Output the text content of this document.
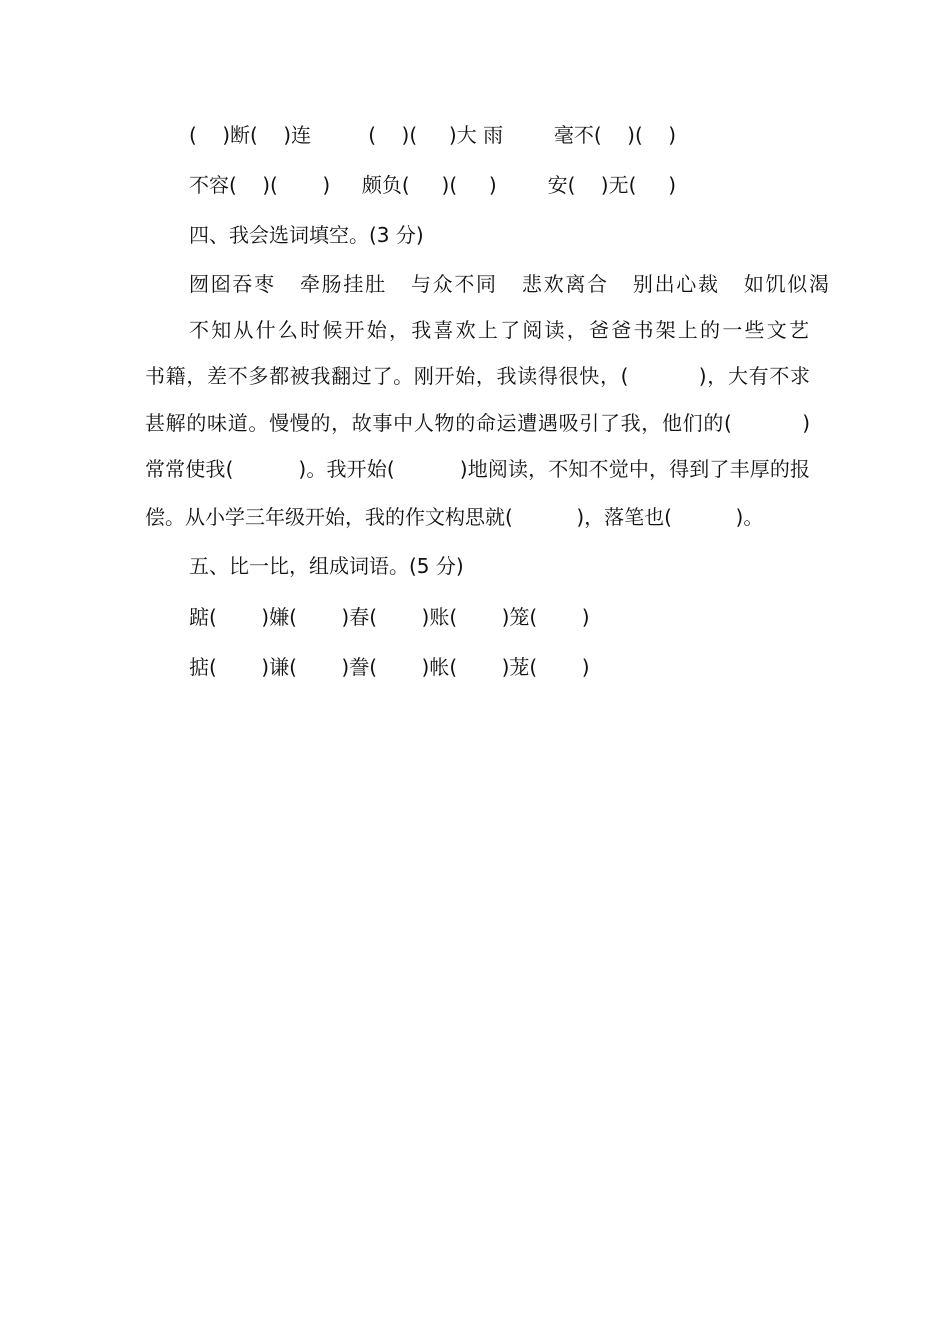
(    )断(    )连         (    )(     )大 雨        毫不(    )(    )
不容(    )(       )     颇负(     )(     )        安(    )无(     )
四、我会选词填空。(3 分)
囫囵吞枣   牵肠挂肚   与众不同   悲欢离合   别出心裁   如饥似渴
不知从什么时候开始，我喜欢上了阅读，爸爸书架上的一些文艺
书籍，差不多都被我翻过了。刚开始，我读得很快，(          )，大有不求
甚解的味道。慢慢的，故事中人物的命运遭遇吸引了我，他们的(          )
常常使我(          )。我开始(          )地阅读，不知不觉中，得到了丰厚的报
偿。从小学三年级开始，我的作文构思就(          )，落笔也(          )。
五、比一比，组成词语。(5 分)
踮(       )嫌(       )春(       )账(       )笼(       )
掂(       )谦(       )誊(       )帐(       )茏(       )
